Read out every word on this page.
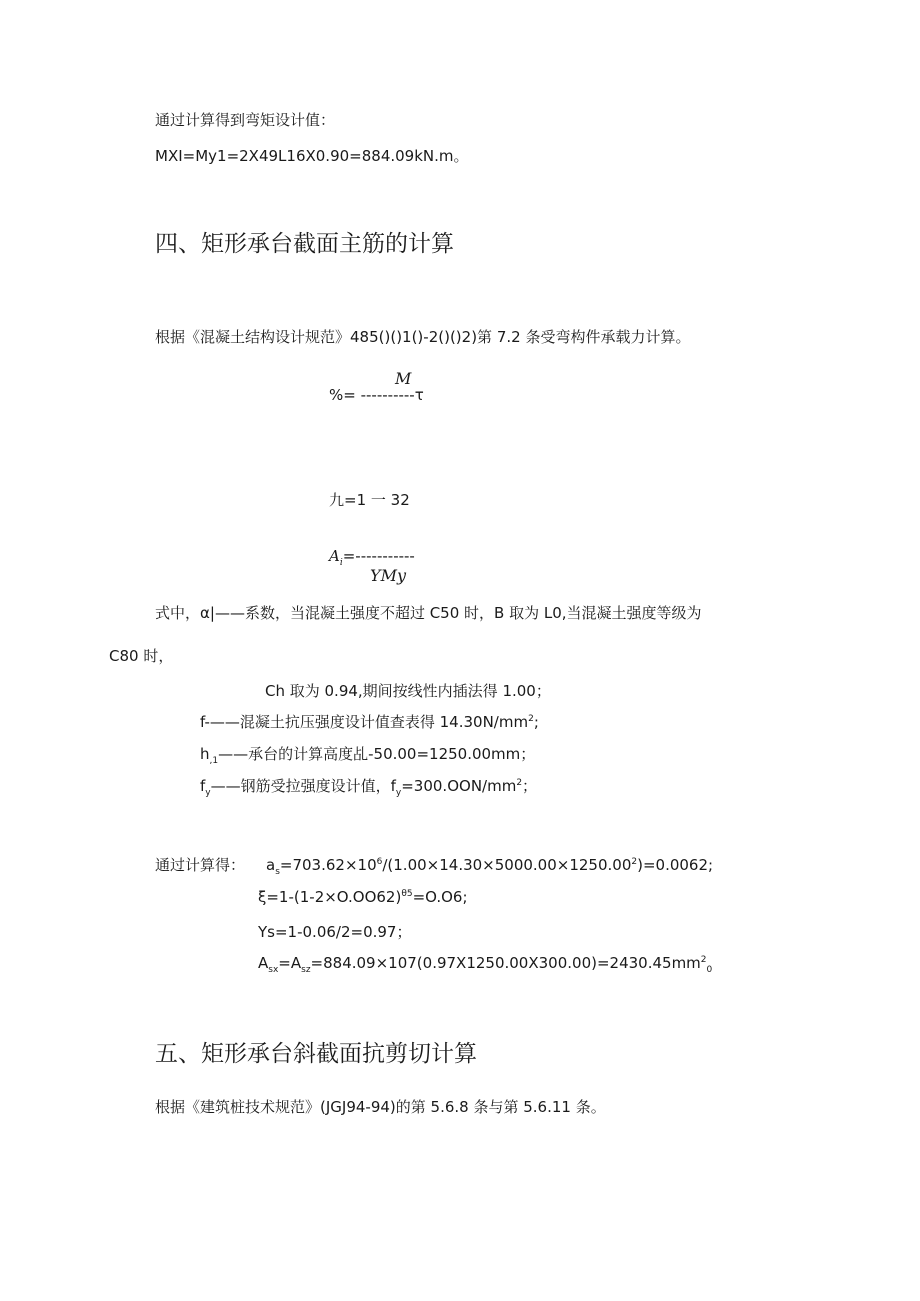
通过计算得到弯矩设计值：
MXI=My1=2X49L16X0.90=884.09kN.m。
四、矩形承台截面主筋的计算
根据《混凝土结构设计规范》485()()1()-2()()2)第 7.2 条受弯构件承载力计算。
M
%= ----------τ
九=1 一 32
$A_i=-----------$
YMy
式中，α|——系数，当混凝土强度不超过 C50 时，B 取为 L0,当混凝土强度等级为
C80 时，
Ch 取为 0.94,期间按线性内插法得 1.00；
f-——混凝土抗压强度设计值查表得 $14.30N∕mm^2$;
$h_{,1}——$承台的计算高度乩-50.00=1250.00mm；
$f_y——$钢筋受拉强度设计值，$f_y=300.OON/mm^2$；
通过计算得： $a_s=703.62\times 10^6∕(1.00\times 14.30\times 5000.00\times 1250.00^2)=0.0062$;
$\xi=1-(1-2\times O.OO62)^{\theta 5}=O.O6$;
Ys=1-0.06/2=0.97；
$A_{sx}=A_{sz}=884.09\times 107(0.97X1250.00X300.00)=2430.45mm^2_0$
五、矩形承台斜截面抗剪切计算
根据《建筑桩技术规范》(JGJ94-94)的第 5.6.8 条与第 5.6.11 条。
